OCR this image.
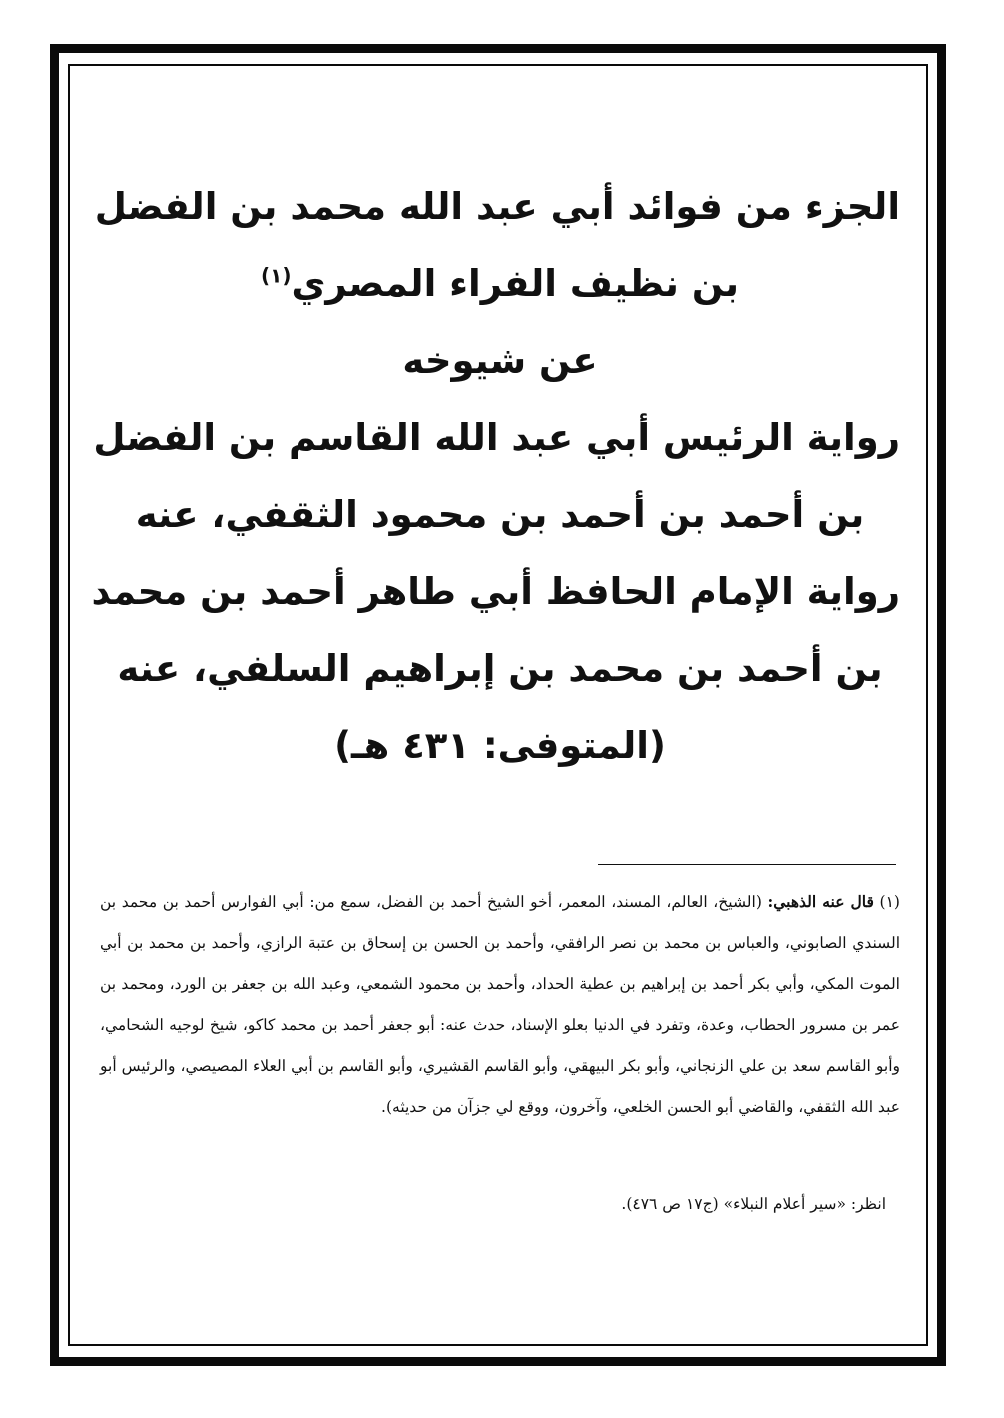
الجزء من فوائد أبي عبد الله محمد بن الفضل

بن نظيف الفراء المصري$^{(١)}$

عن شيوخه

رواية الرئيس أبي عبد الله القاسم بن الفضل

بن أحمد بن أحمد بن محمود الثقفي، عنه

رواية الإمام الحافظ أبي طاهر أحمد بن محمد

بن أحمد بن محمد بن إبراهيم السلفي، عنه

(المتوفى: ٤٣١ هـ)

(١) قال عنه الذهبي: (الشيخ، العالم، المسند، المعمر، أخو الشيخ أحمد بن الفضل، سمع من: أبي الفوارس أحمد بن محمد بن السندي الصابوني، والعباس بن محمد بن نصر الرافقي، وأحمد بن الحسن بن إسحاق بن عتبة الرازي، وأحمد بن محمد بن أبي الموت المكي، وأبي بكر أحمد بن إبراهيم بن عطية الحداد، وأحمد بن محمود الشمعي، وعبد الله بن جعفر بن الورد، ومحمد بن عمر بن مسرور الحطاب، وعدة، وتفرد في الدنيا بعلو الإسناد، حدث عنه: أبو جعفر أحمد بن محمد كاكو، شيخ لوجيه الشحامي، وأبو القاسم سعد بن علي الزنجاني، وأبو بكر البيهقي، وأبو القاسم القشيري، وأبو القاسم بن أبي العلاء المصيصي، والرئيس أبو عبد الله الثقفي، والقاضي أبو الحسن الخلعي، وآخرون، ووقع لي جزآن من حديثه).

انظر: «سير أعلام النبلاء» (ج١٧ ص ٤٧٦).
